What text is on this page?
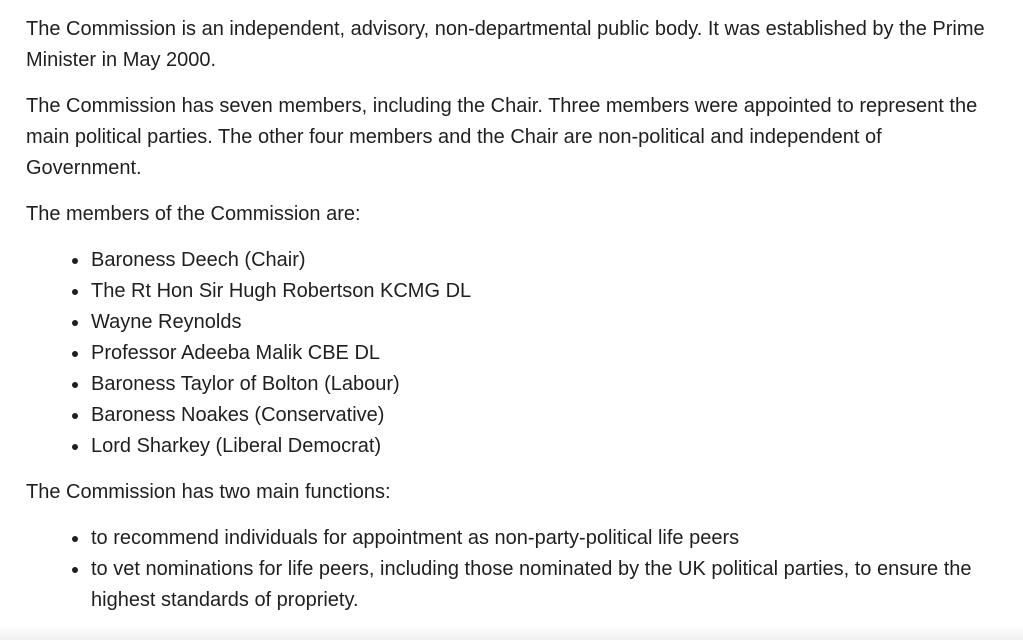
The Commission is an independent, advisory, non-departmental public body. It was established by the Prime Minister in May 2000.

The Commission has seven members, including the Chair. Three members were appointed to represent the main political parties. The other four members and the Chair are non-political and independent of Government.

The members of the Commission are:

Baroness Deech (Chair)
The Rt Hon Sir Hugh Robertson KCMG DL
Wayne Reynolds
Professor Adeeba Malik CBE DL
Baroness Taylor of Bolton (Labour)
Baroness Noakes (Conservative)
Lord Sharkey (Liberal Democrat)

The Commission has two main functions:

to recommend individuals for appointment as non-party-political life peers
to vet nominations for life peers, including those nominated by the UK political parties, to ensure the highest standards of propriety.
